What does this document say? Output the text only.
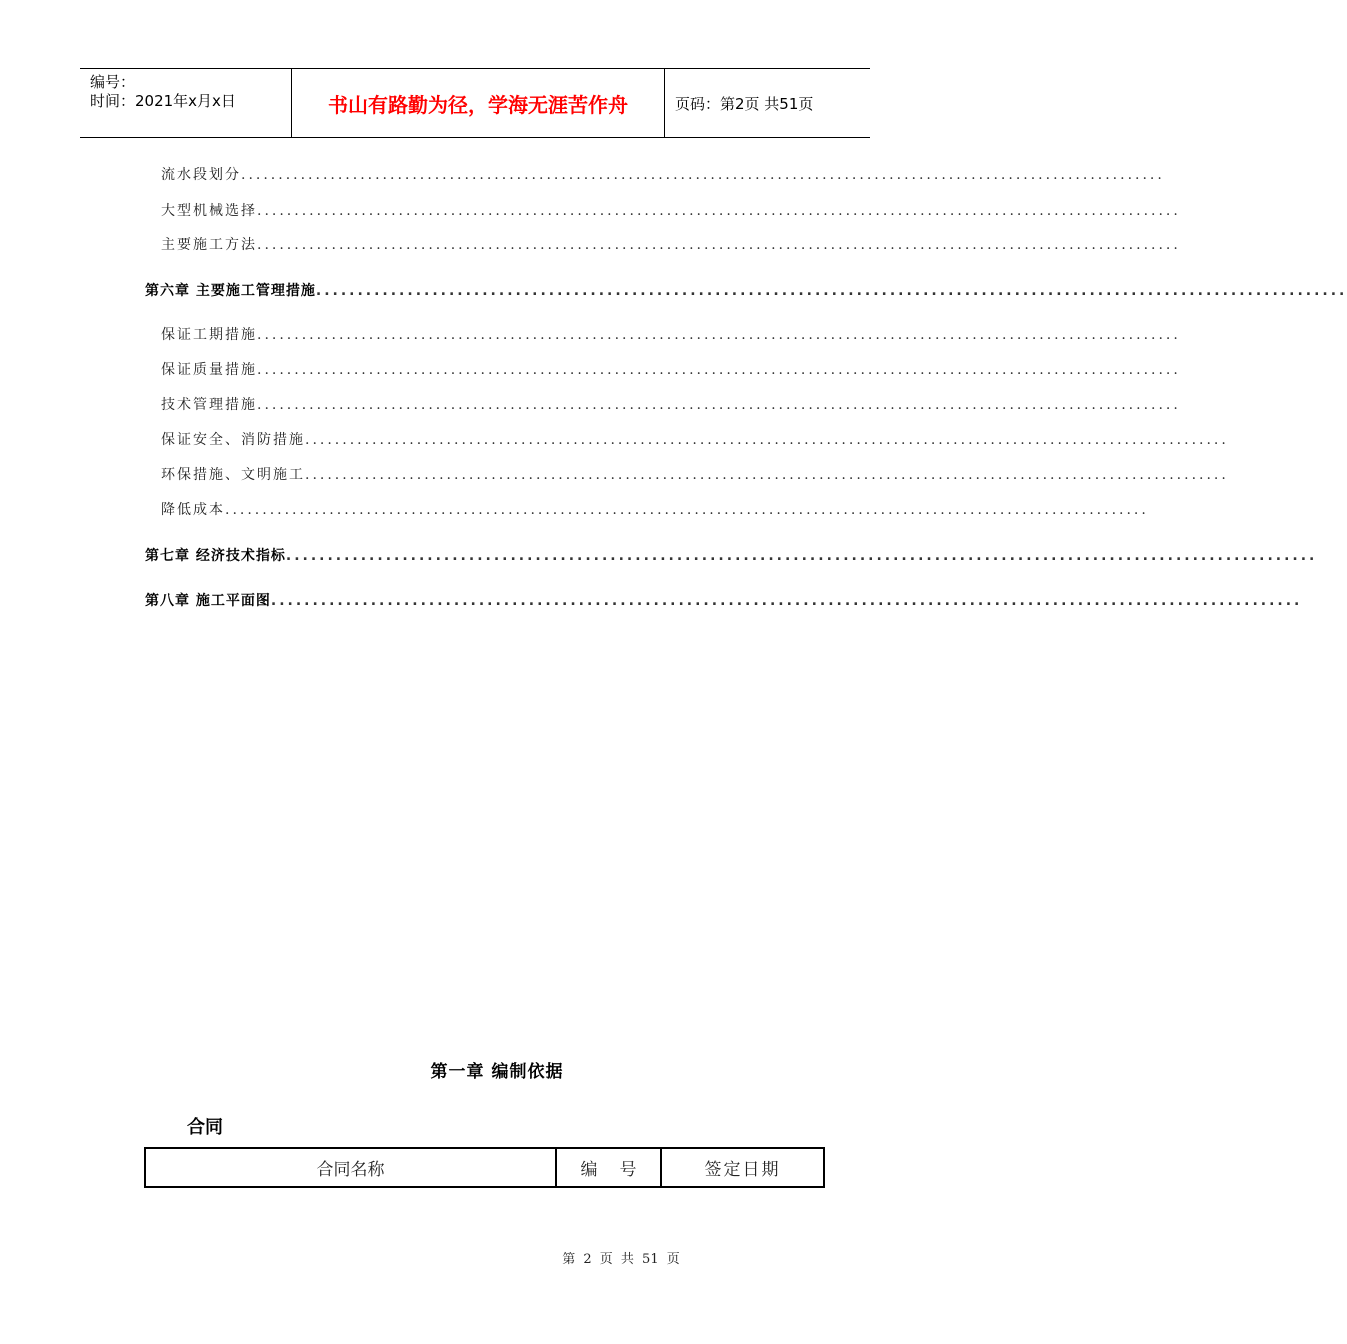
编号：
时间：2021年x月x日	书山有路勤为径，学海无涯苦作舟	页码：第2页 共51页
流水段划分 ............................................................................................................................
大型机械选择 ............................................................................................................................
主要施工方法 ............................................................................................................................
第六章 主要施工管理措施 ............................................................................................................................
保证工期措施 ............................................................................................................................
保证质量措施 ............................................................................................................................
技术管理措施 ............................................................................................................................
保证安全、消防措施 ............................................................................................................................
环保措施、文明施工 ............................................................................................................................
降低成本 ............................................................................................................................
第七章 经济技术指标 ............................................................................................................................
第八章 施工平面图 ............................................................................................................................
第一章 编制依据
合同
合同名称	编号	签定日期
第 2 页 共 51 页
